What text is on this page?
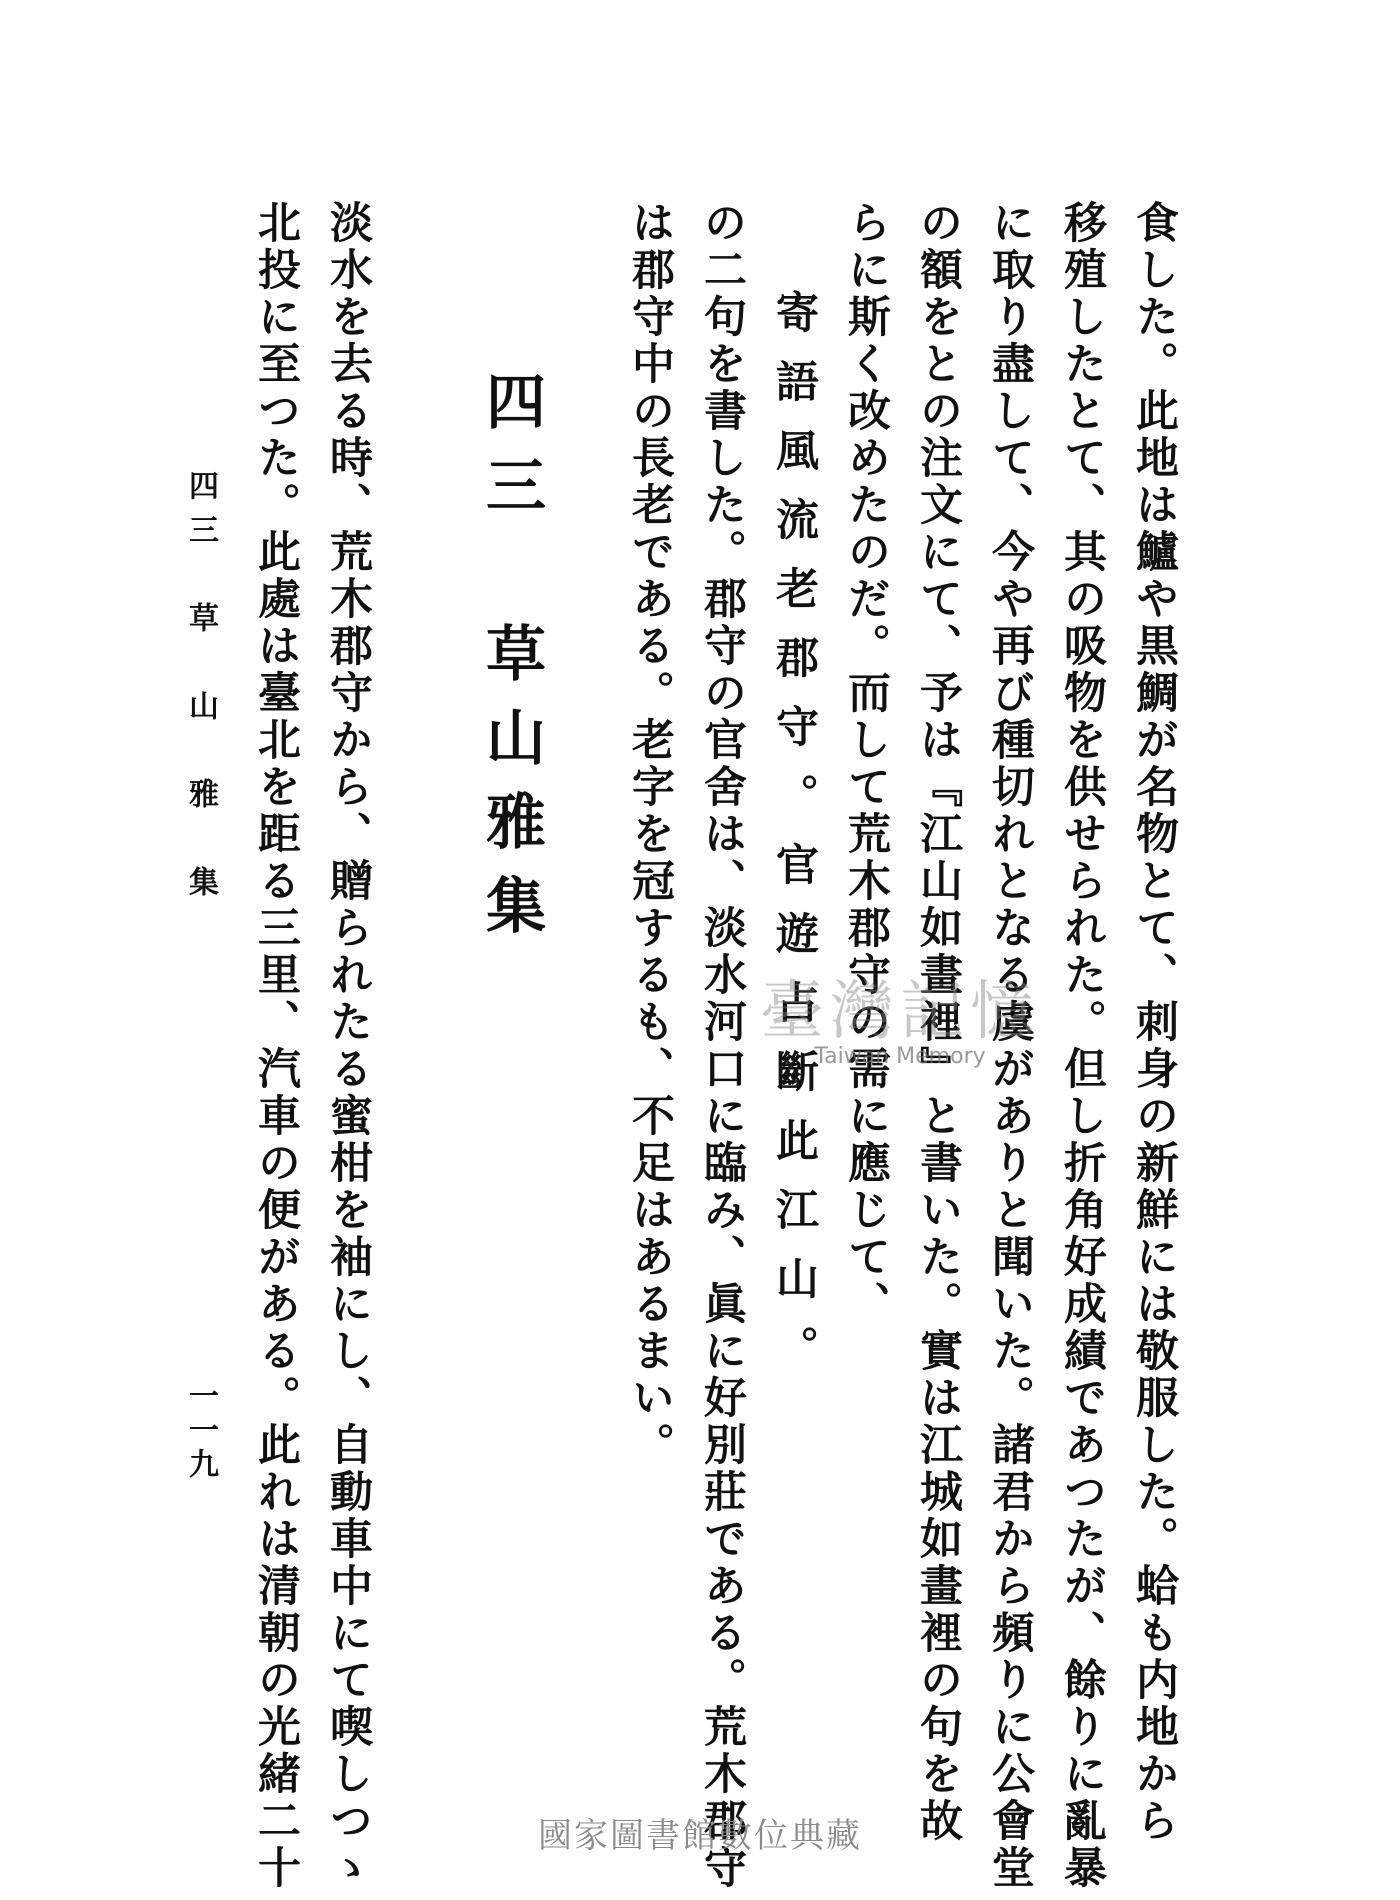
食した。此地は鱸や黒鯛が名物とて、刺身の新鮮には敬服した。蛤も内地から
移殖したとて、其の吸物を供せられた。但し折角好成績であつたが、餘りに亂暴
に取り盡して、今や再び種切れとなる虞がありと聞いた。諸君から頻りに公會堂
の額をとの注文にて、予は『江山如畫裡』と書いた。實は江城如畫裡の句を故
らに斯く改めたのだ。而して荒木郡守の需に應じて、
寄語風流老郡守。官遊占斷此江山。
の二句を書した。郡守の官舍は、淡水河口に臨み、眞に好別莊である。荒木郡守
は郡守中の長老である。老字を冠するも、不足はあるまい。
四三　草山雅集
淡水を去る時、荒木郡守から、贈られたる蜜柑を袖にし、自動車中にて喫しつゝ
北投に至つた。此處は臺北を距る三里、汽車の便がある。此れは清朝の光緒二十
四三　草　山　雅　集
一一九
臺灣記憶
Taiwan Memory
國家圖書館數位典藏
